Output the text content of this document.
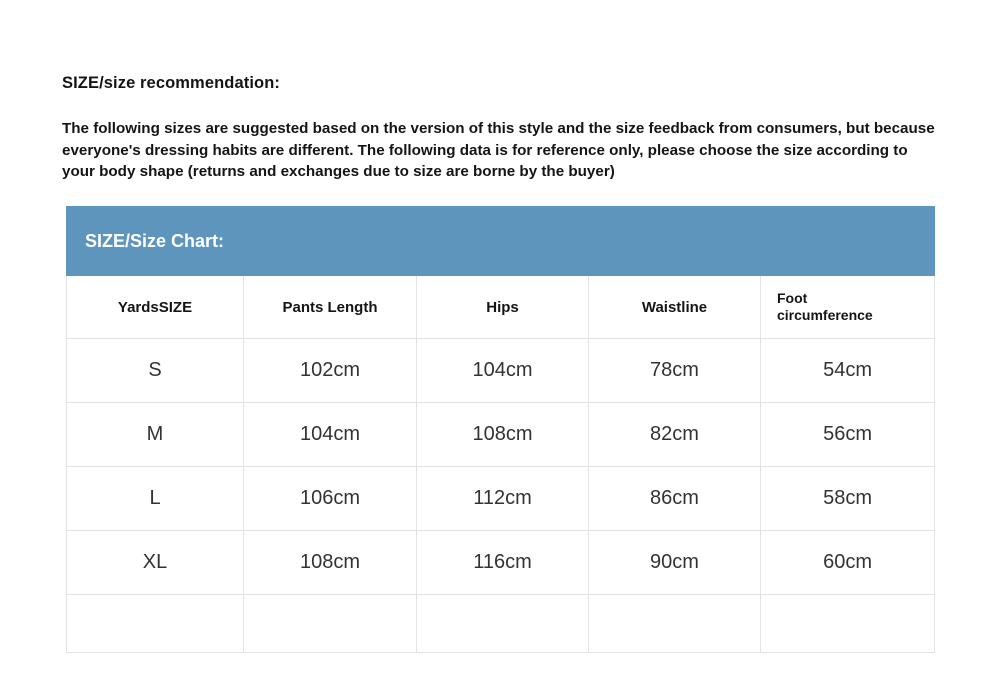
SIZE/size recommendation:
The following sizes are suggested based on the version of this style and the size feedback from consumers, but because everyone's dressing habits are different. The following data is for reference only, please choose the size according to your body shape (returns and exchanges due to size are borne by the buyer)
SIZE/Size Chart:				
YardsSIZE	Pants Length	Hips	Waistline	Foot
circumference
S	102cm	104cm	78cm	54cm
M	104cm	108cm	82cm	56cm
L	106cm	112cm	86cm	58cm
XL	108cm	116cm	90cm	60cm
